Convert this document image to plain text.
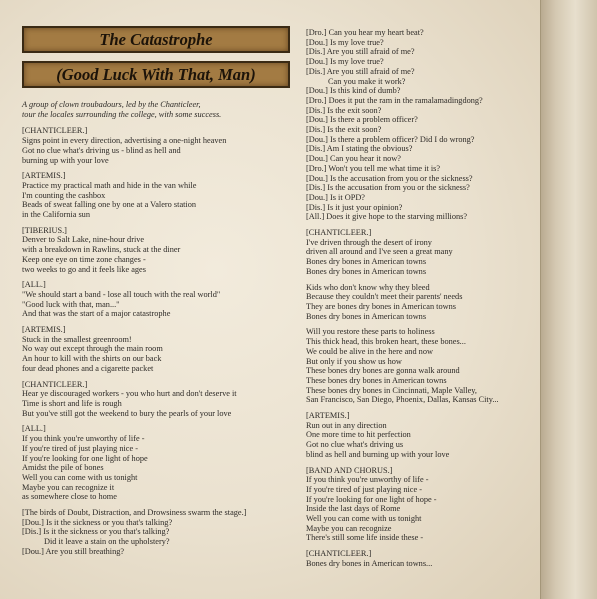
The Catastrophe
(Good Luck With That, Man)
A group of clown troubadours, led by the Chanticleer,
tour the locales surrounding the college, with some success.
[CHANTICLEER.]
Signs point in every direction, advertising a one-night heaven
Got no clue what's driving us - blind as hell and
burning up with your love
[ARTEMIS.]
Practice my practical math and hide in the van while
I'm counting the cashbox
Beads of sweat falling one by one at a Valero station
in the California sun
[TIBERIUS.]
Denver to Salt Lake, nine-hour drive
with a breakdown in Rawlins, stuck at the diner
Keep one eye on time zone changes -
two weeks to go and it feels like ages
[ALL.]
"We should start a band - lose all touch with the real world"
"Good luck with that, man..."
And that was the start of a major catastrophe
[ARTEMIS.]
Stuck in the smallest greenroom!
No way out except through the main room
An hour to kill with the shirts on our back
four dead phones and a cigarette packet
[CHANTICLEER.]
Hear ye discouraged workers - you who hurt and don't deserve it
Time is short and life is rough
But you've still got the weekend to bury the pearls of your love
[ALL.]
If you think you're unworthy of life -
If you're tired of just playing nice -
If you're looking for one light of hope
Amidst the pile of bones
Well you can come with us tonight
Maybe you can recognize it
as somewhere close to home
[The birds of Doubt, Distraction, and Drowsiness swarm the stage.]
[Dou.] Is it the sickness or you that's talking?
[Dis.] Is it the sickness or you that's talking?
Did it leave a stain on the upholstery?
[Dou.] Are you still breathing?
[Dro.] Can you hear my heart beat?
[Dou.] Is my love true?
[Dis.] Are you still afraid of me?
[Dou.] Is my love true?
[Dis.] Are you still afraid of me?
Can you make it work?
[Dou.] Is this kind of dumb?
[Dro.] Does it put the ram in the ramalamadingdong?
[Dis.] Is the exit soon?
[Dou.] Is there a problem officer?
[Dis.] Is the exit soon?
[Dou.] Is there a problem officer? Did I do wrong?
[Dis.] Am I stating the obvious?
[Dou.] Can you hear it now?
[Dro.] Won't you tell me what time it is?
[Dou.] Is the accusation from you or the sickness?
[Dis.] Is the accusation from you or the sickness?
[Dou.] Is it OPD?
[Dis.] Is it just your opinion?
[All.] Does it give hope to the starving millions?
[CHANTICLEER.]
I've driven through the desert of irony
driven all around and I've seen a great many
Bones dry bones in American towns
Bones dry bones in American towns
Kids who don't know why they bleed
Because they couldn't meet their parents' needs
They are bones dry bones in American towns
Bones dry bones in American towns
Will you restore these parts to holiness
This thick head, this broken heart, these bones...
We could be alive in the here and now
But only if you show us how
These bones dry bones are gonna walk around
These bones dry bones in American towns
These bones dry bones in Cincinnati, Maple Valley,
San Francisco, San Diego, Phoenix, Dallas, Kansas City...
[ARTEMIS.]
Run out in any direction
One more time to hit perfection
Got no clue what's driving us
blind as hell and burning up with your love
[BAND AND CHORUS.]
If you think you're unworthy of life -
If you're tired of just playing nice -
If you're looking for one light of hope -
Inside the last days of Rome
Well you can come with us tonight
Maybe you can recognize
There's still some life inside these -
[CHANTICLEER.]
Bones dry bones in American towns...
